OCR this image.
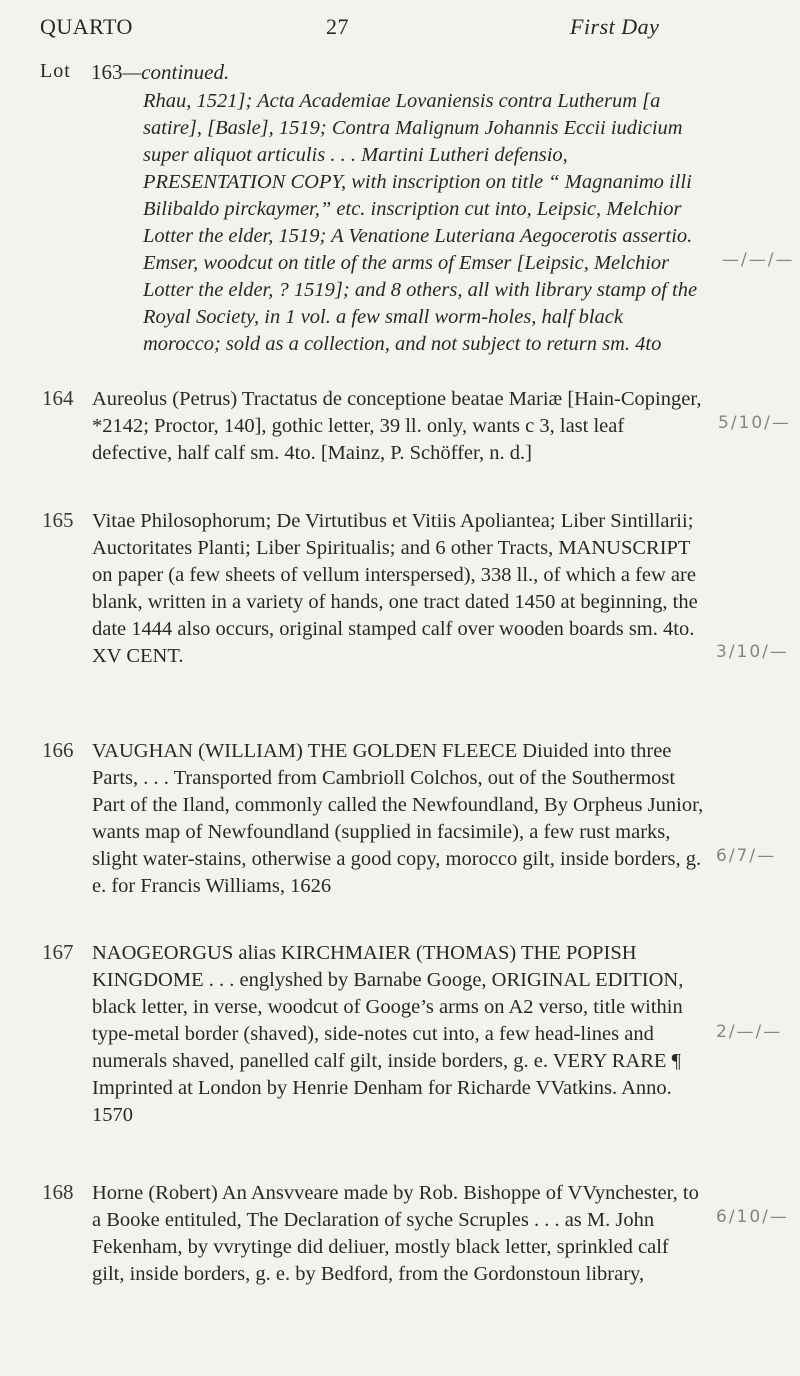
QUARTO	27	First Day
Lot 163—continued.
Rhau, 1521]; Acta Academiae Lovaniensis contra Lutherum [a satire], [Basle], 1519; Contra Malignum Johannis Eccii iudicium super aliquot articulis . . . Martini Lutheri defensio, PRESENTATION COPY, with inscription on title “ Magnanimo illi Bilibaldo pirckaymer,” etc. inscription cut into, Leipsic, Melchior Lotter the elder, 1519; A Venatione Luteriana Aegocerotis assertio. Emser, woodcut on title of the arms of Emser [Leipsic, Melchior Lotter the elder, ? 1519]; and 8 others, all with library stamp of the Royal Society, in 1 vol. a few small worm-holes, half black morocco; sold as a collection, and not subject to return sm. 4to
—/—/—
164 Aureolus (Petrus) Tractatus de conceptione beatae Mariæ [Hain-Copinger, *2142; Proctor, 140], gothic letter, 39 ll. only, wants c 3, last leaf defective, half calf sm. 4to. [Mainz, P. Schöffer, n. d.]
5/10/—
165 Vitae Philosophorum; De Virtutibus et Vitiis Apoliantea; Liber Sintillarii; Auctoritates Planti; Liber Spiritualis; and 6 other Tracts, MANUSCRIPT on paper (a few sheets of vellum interspersed), 338 ll., of which a few are blank, written in a variety of hands, one tract dated 1450 at beginning, the date 1444 also occurs, original stamped calf over wooden boards sm. 4to. XV CENT.	3/10/—
166 VAUGHAN (WILLIAM) THE GOLDEN FLEECE Diuided into three Parts, . . . Transported from Cambrioll Colchos, out of the Southermost Part of the Iland, commonly called the Newfoundland, By Orpheus Junior, wants map of Newfoundland (supplied in facsimile), a few rust marks, slight water-stains, otherwise a good copy, morocco gilt, inside borders, g. e. for Francis Williams, 1626
6/7/—
167 NAOGEORGUS alias KIRCHMAIER (THOMAS) THE POPISH KINGDOME . . . englyshed by Barnabe Googe, ORIGINAL EDITION, black letter, in verse, woodcut of Googe’s arms on A2 verso, title within type-metal border (shaved), side-notes cut into, a few head-lines and numerals shaved, panelled calf gilt, inside borders, g. e. VERY RARE ¶ Imprinted at London by Henrie Denham for Richarde VVatkins. Anno. 1570
2/—/—
168 Horne (Robert) An Ansvveare made by Rob. Bishoppe of VVynchester, to a Booke entituled, The Declaration of syche Scruples . . . as M. John Fekenham, by vvrytinge did deliuer, mostly black letter, sprinkled calf gilt, inside borders, g. e. by Bedford, from the Gordonstoun library,
6/10/—
